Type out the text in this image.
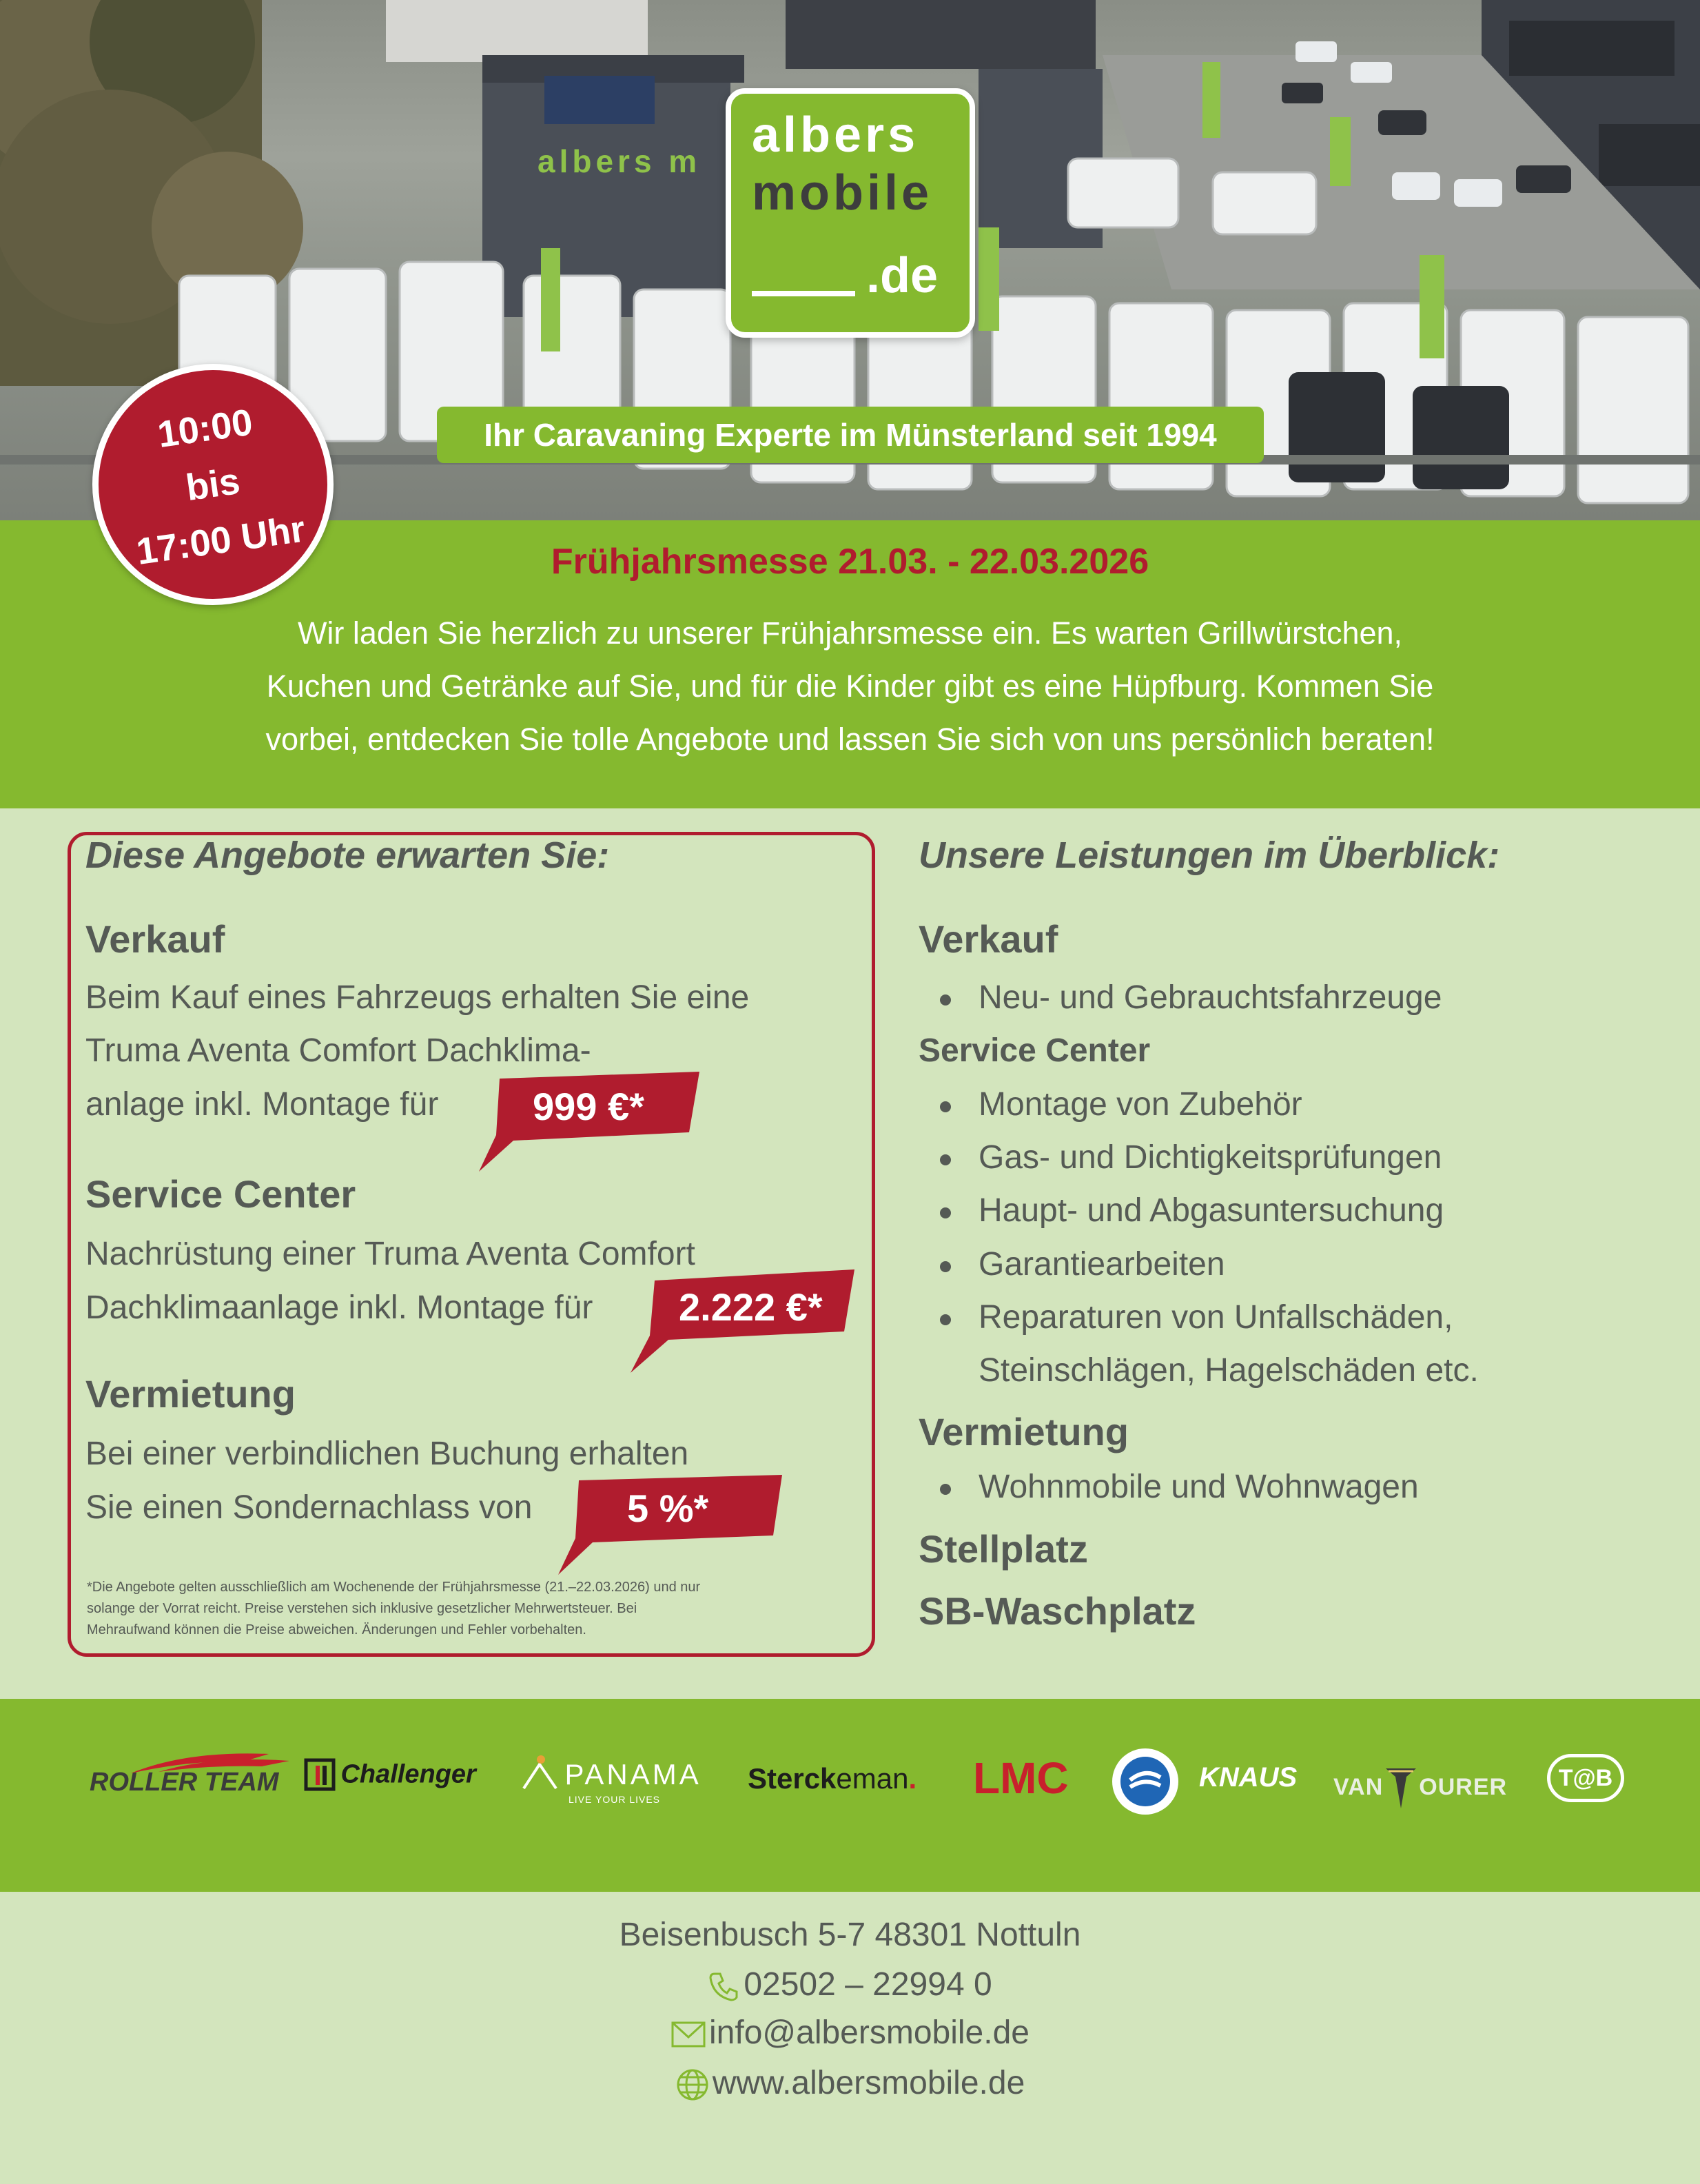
albers m albers
mobile
.de
Ihr Caravaning Experte im Münsterland seit 1994
Frühjahrsmesse 21.03. - 22.03.2026
Wir laden Sie herzlich zu unserer Frühjahrsmesse ein. Es warten Grillwürstchen,
Kuchen und Getränke auf Sie, und für die Kinder gibt es eine Hüpfburg. Kommen Sie
vorbei, entdecken Sie tolle Angebote und lassen Sie sich von uns persönlich beraten!
10:00
bis
17:00 Uhr
Diese Angebote erwarten Sie:
Verkauf
Beim Kauf eines Fahrzeugs erhalten Sie eine
Truma Aventa Comfort Dachklima-
anlage inkl. Montage für 999 €*
Service Center
Nachrüstung einer Truma Aventa Comfort
Dachklimaanlage inkl. Montage für 2.222 €*
Vermietung
Bei einer verbindlichen Buchung erhalten
Sie einen Sondernachlass von 5 %*
*Die Angebote gelten ausschließlich am Wochenende der Frühjahrsmesse (21.–22.03.2026) und nur
solange der Vorrat reicht. Preise verstehen sich inklusive gesetzlicher Mehrwertsteuer. Bei
Mehraufwand können die Preise abweichen. Änderungen und Fehler vorbehalten.
Unsere Leistungen im Überblick:
Verkauf
Neu- und Gebrauchtsfahrzeuge
Service Center
Montage von Zubehör
Gas- und Dichtigkeitsprüfungen
Haupt- und Abgasuntersuchung
Garantiearbeiten
Reparaturen von Unfallschäden,
Steinschlägen, Hagelschäden etc.
Vermietung
Wohnmobile und Wohnwagen
Stellplatz
SB-Waschplatz
ROLLER TEAM	Challenger	PANAMA
LIVE YOUR LIVES
Sterckeman. LMC	KNAUS VAN OURER	T@B
Beisenbusch 5-7 48301 Nottuln
02502 – 22994 0
info@albersmobile.de
www.albersmobile.de
